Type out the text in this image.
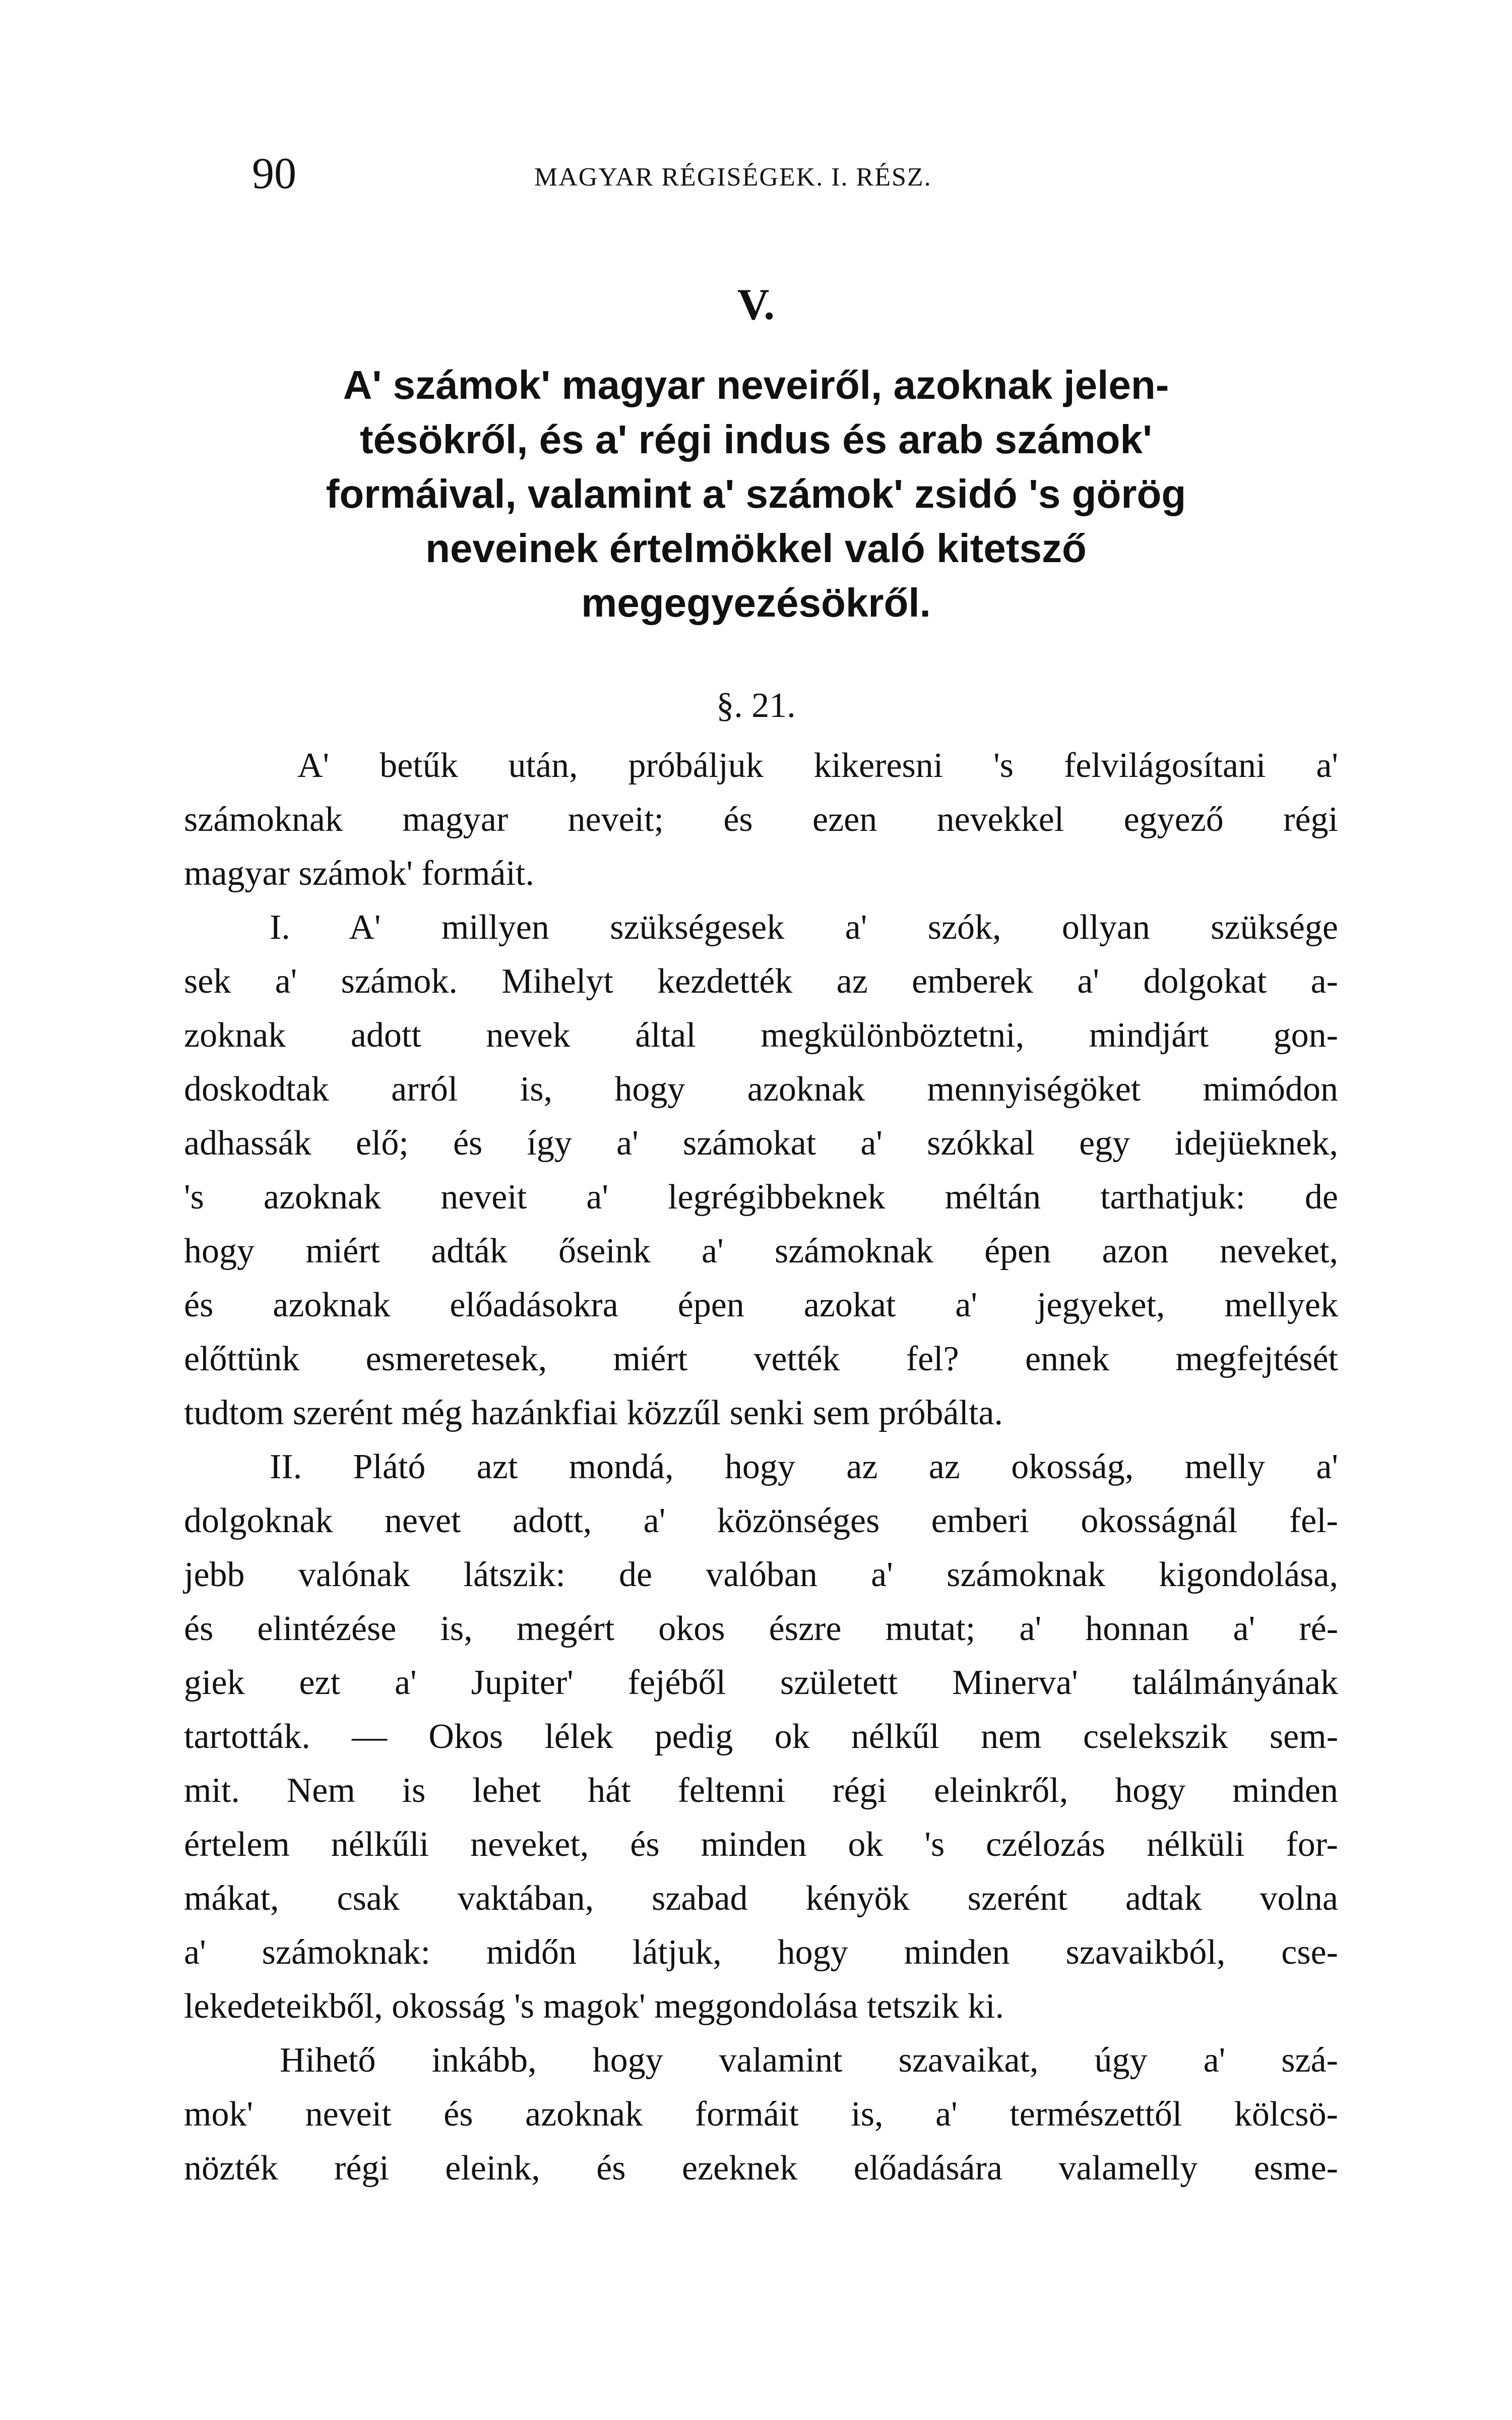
90	MAGYAR RÉGISÉGEK. I. RÉSZ.
V.
A' számok' magyar neveiről, azoknak jelen-
tésökről, és a' régi indus és arab számok'
formáival, valamint a' számok' zsidó 's görög
neveinek értelmökkel való kitetsző
megegyezésökről.
§. 21.
A' betűk után, próbáljuk kikeresni 's felvilágosítani a'
számoknak magyar neveit; és ezen nevekkel egyező régi
magyar számok' formáit.
I. A' millyen szükségesek a' szók, ollyan szüksége
sek a' számok. Mihelyt kezdették az emberek a' dolgokat a-
zoknak adott nevek által megkülönböztetni, mindjárt gon-
doskodtak arról is, hogy azoknak mennyiségöket mimódon
adhassák elő; és így a' számokat a' szókkal egy idejüeknek,
's azoknak neveit a' legrégibbeknek méltán tarthatjuk: de
hogy miért adták őseink a' számoknak épen azon neveket,
és azoknak előadásokra épen azokat a' jegyeket, mellyek
előttünk esmeretesek, miért vették fel? ennek megfejtését
tudtom szerént még hazánkfiai közzűl senki sem próbálta.
II. Plátó azt mondá, hogy az az okosság, melly a'
dolgoknak nevet adott, a' közönséges emberi okosságnál fel-
jebb valónak látszik: de valóban a' számoknak kigondolása,
és elintézése is, megért okos észre mutat; a' honnan a' ré-
giek ezt a' Jupiter' fejéből született Minerva' találmányának
tartották. — Okos lélek pedig ok nélkűl nem cselekszik sem-
mit. Nem is lehet hát feltenni régi eleinkről, hogy minden
értelem nélkűli neveket, és minden ok 's czélozás nélküli for-
mákat, csak vaktában, szabad kényök szerént adtak volna
a' számoknak: midőn látjuk, hogy minden szavaikból, cse-
lekedeteikből, okosság 's magok' meggondolása tetszik ki.
Hihető inkább, hogy valamint szavaikat, úgy a' szá-
mok' neveit és azoknak formáit is, a' természettől kölcsö-
nözték régi eleink, és ezeknek előadására valamelly esme-
